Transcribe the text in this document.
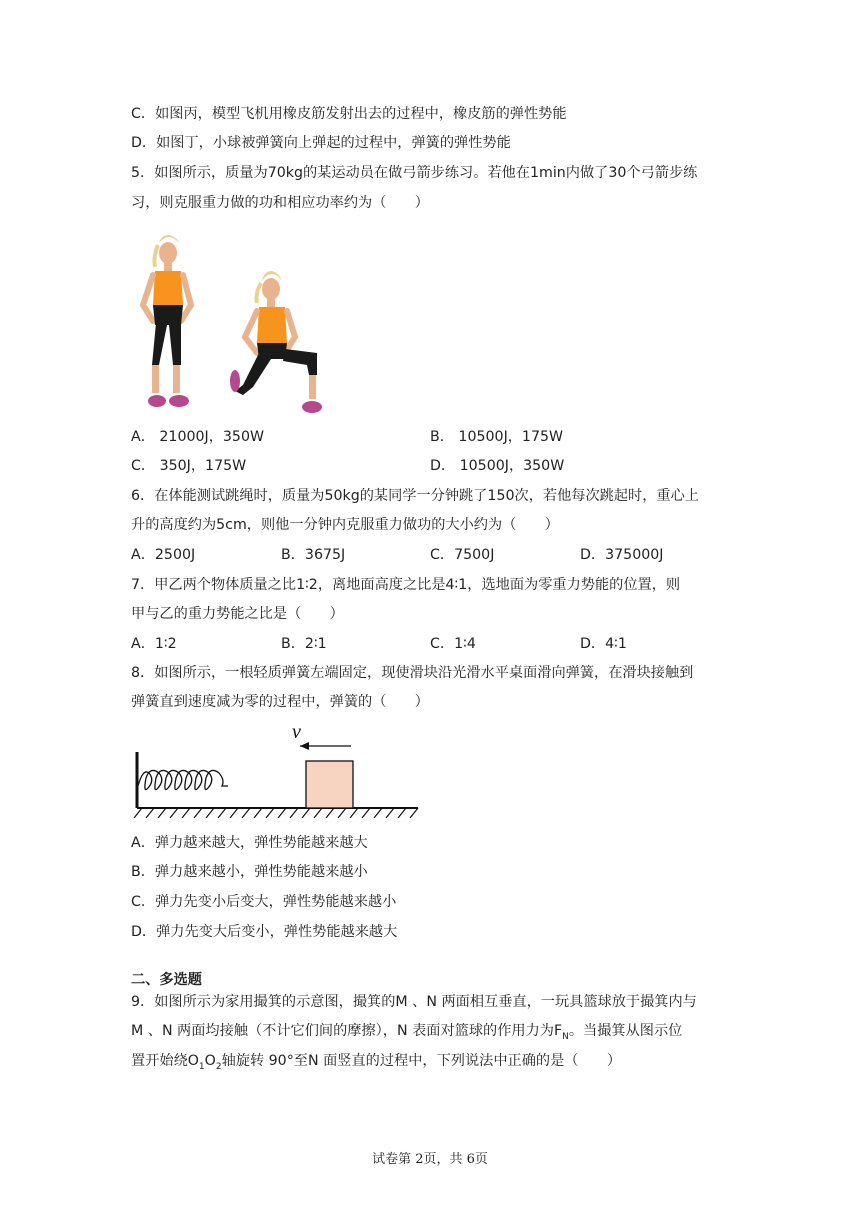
C．如图丙，模型飞机用橡皮筋发射出去的过程中，橡皮筋的弹性势能
D．如图丁，小球被弹簧向上弹起的过程中，弹簧的弹性势能
5．如图所示，质量为70kg的某运动员在做弓箭步练习。若他在1min内做了30个弓箭步练
习，则克服重力做的功和相应功率约为（　　）
A． 21000J，350W	B． 10500J，175W
C． 350J，175W	D． 10500J，350W
6．在体能测试跳绳时，质量为50kg的某同学一分钟跳了150次，若他每次跳起时，重心上
升的高度约为5cm，则他一分钟内克服重力做功的大小约为（　　）
A．2500J	B．3675J	C．7500J	D．375000J
7．甲乙两个物体质量之比1∶2，离地面高度之比是4∶1，选地面为零重力势能的位置，则
甲与乙的重力势能之比是（　　）
A．1∶2	B．2∶1	C．1∶4	D．4∶1
8．如图所示，一根轻质弹簧左端固定，现使滑块沿光滑水平桌面滑向弹簧，在滑块接触到
弹簧直到速度减为零的过程中，弹簧的（　　）
v
A．弹力越来越大，弹性势能越来越大
B．弹力越来越小，弹性势能越来越小
C．弹力先变小后变大，弹性势能越来越小
D．弹力先变大后变小，弹性势能越来越大
二、多选题
9．如图所示为家用撮箕的示意图，撮箕的M 、N 两面相互垂直，一玩具篮球放于撮箕内与
M 、N 两面均接触（不计它们间的摩擦），N 表面对篮球的作用力为$F_N$。当撮箕从图示位
置开始绕$O_1O_2$轴旋转 90°至N 面竖直的过程中，下列说法中正确的是（　　）
试卷第 2页，共 6页
